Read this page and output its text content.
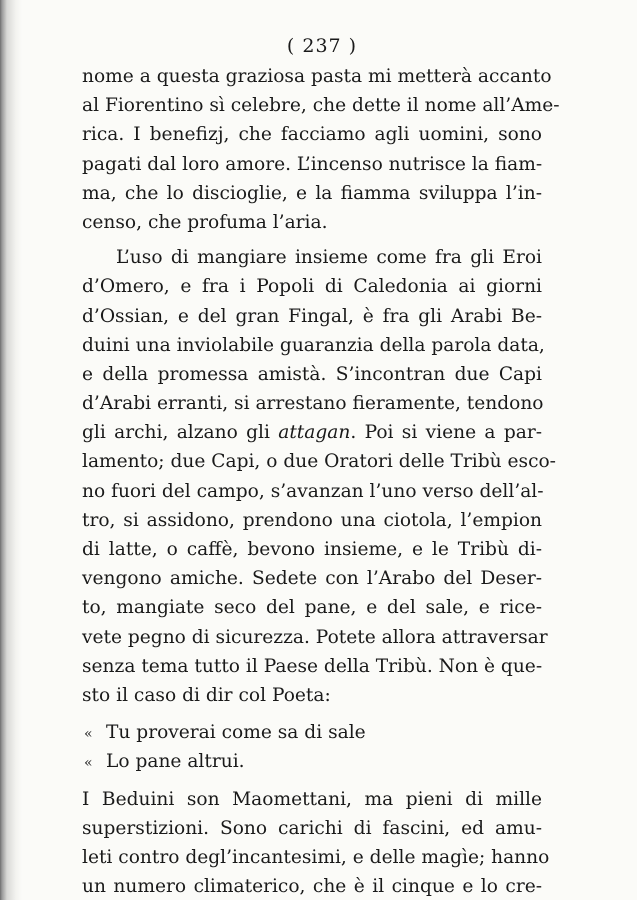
( 237 )
nome a questa graziosa pasta mi metterà accanto
al Fiorentino sì celebre, che dette il nome all’Ame-
rica. I benefizj, che facciamo agli uomini, sono
pagati dal loro amore. L’incenso nutrisce la fiam-
ma, che lo discioglie, e la fiamma sviluppa l’in-
censo, che profuma l’aria.
L’uso di mangiare insieme come fra gli Eroi
d’Omero, e fra i Popoli di Caledonia ai giorni
d’Ossian, e del gran Fingal, è fra gli Arabi Be-
duini una inviolabile guaranzia della parola data,
e della promessa amistà. S’incontran due Capi
d’Arabi erranti, si arrestano fieramente, tendono
gli archi, alzano gli attagan. Poi si viene a par-
lamento; due Capi, o due Oratori delle Tribù esco-
no fuori del campo, s’avanzan l’uno verso dell’al-
tro, si assidono, prendono una ciotola, l’empion
di latte, o caffè, bevono insieme, e le Tribù di-
vengono amiche. Sedete con l’Arabo del Deser-
to, mangiate seco del pane, e del sale, e rice-
vete pegno di sicurezza. Potete allora attraversar
senza tema tutto il Paese della Tribù. Non è que-
sto il caso di dir col Poeta:
« Tu proverai come sa di sale
« Lo pane altrui.
I Beduini son Maomettani, ma pieni di mille
superstizioni. Sono carichi di fascini, ed amu-
leti contro degl’incantesimi, e delle magìe; hanno
un numero climaterico, che è il cinque e lo cre-
